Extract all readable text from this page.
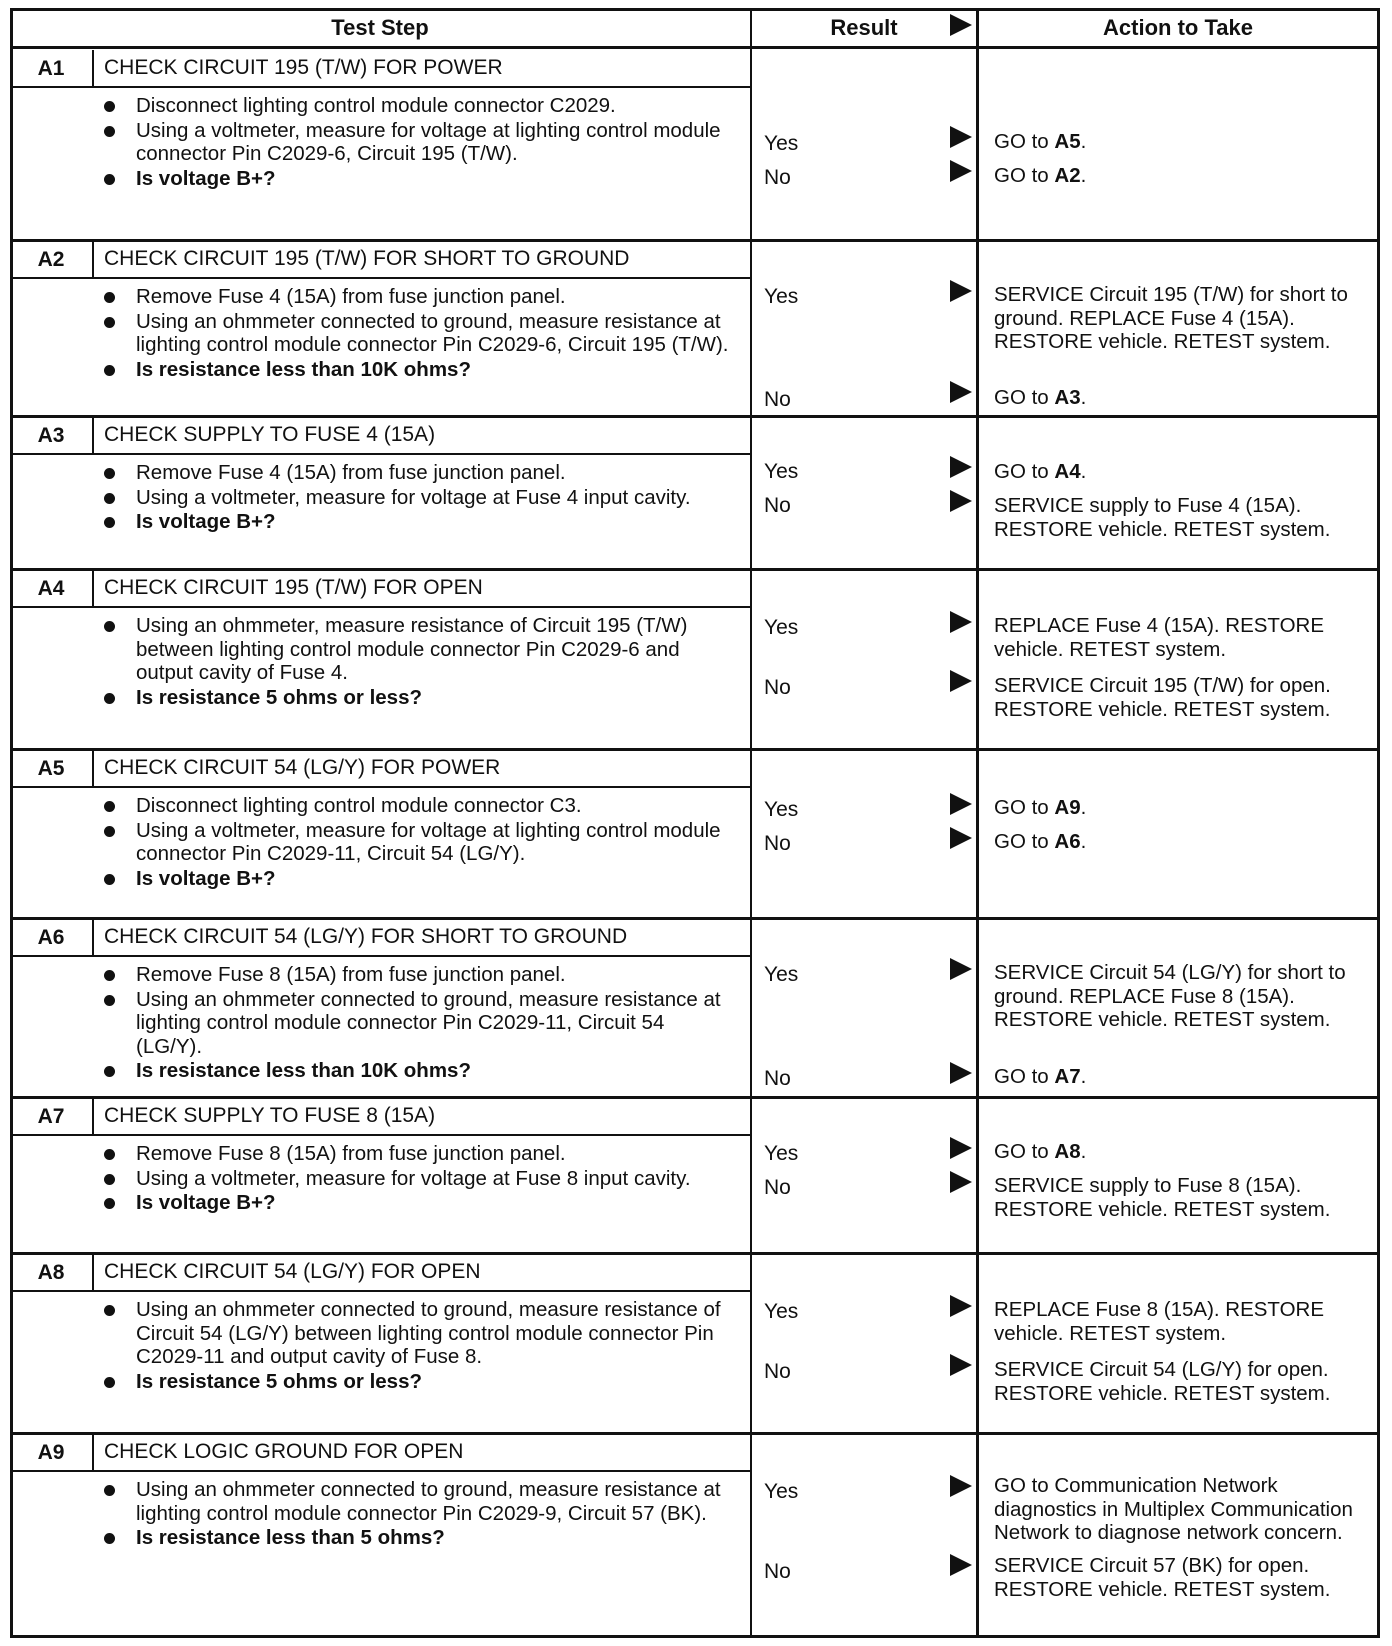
Test Step	Result	Action to Take
A1	CHECK CIRCUIT 195 (T/W) FOR POWER
Disconnect lighting control module connector C2029.
Using a voltmeter, measure for voltage at lighting control module connector Pin C2029-6, Circuit 195 (T/W).
Is voltage B+?
Yes	GO to A5.
No	GO to A2.
A2	CHECK CIRCUIT 195 (T/W) FOR SHORT TO GROUND
Remove Fuse 4 (15A) from fuse junction panel.
Using an ohmmeter connected to ground, measure resistance at lighting control module connector Pin C2029-6, Circuit 195 (T/W).
Is resistance less than 10K ohms?
Yes	SERVICE Circuit 195 (T/W) for short to ground. REPLACE Fuse 4 (15A). RESTORE vehicle. RETEST system.
No	GO to A3.
A3	CHECK SUPPLY TO FUSE 4 (15A)
Remove Fuse 4 (15A) from fuse junction panel.
Using a voltmeter, measure for voltage at Fuse 4 input cavity.
Is voltage B+?
Yes	GO to A4.
No	SERVICE supply to Fuse 4 (15A). RESTORE vehicle. RETEST system.
A4	CHECK CIRCUIT 195 (T/W) FOR OPEN
Using an ohmmeter, measure resistance of Circuit 195 (T/W) between lighting control module connector Pin C2029-6 and output cavity of Fuse 4.
Is resistance 5 ohms or less?
Yes	REPLACE Fuse 4 (15A). RESTORE vehicle. RETEST system.
No	SERVICE Circuit 195 (T/W) for open. RESTORE vehicle. RETEST system.
A5	CHECK CIRCUIT 54 (LG/Y) FOR POWER
Disconnect lighting control module connector C3.
Using a voltmeter, measure for voltage at lighting control module connector Pin C2029-11, Circuit 54 (LG/Y).
Is voltage B+?
Yes	GO to A9.
No	GO to A6.
A6	CHECK CIRCUIT 54 (LG/Y) FOR SHORT TO GROUND
Remove Fuse 8 (15A) from fuse junction panel.
Using an ohmmeter connected to ground, measure resistance at lighting control module connector Pin C2029-11, Circuit 54 (LG/Y).
Is resistance less than 10K ohms?
Yes	SERVICE Circuit 54 (LG/Y) for short to ground. REPLACE Fuse 8 (15A). RESTORE vehicle. RETEST system.
No	GO to A7.
A7	CHECK SUPPLY TO FUSE 8 (15A)
Remove Fuse 8 (15A) from fuse junction panel.
Using a voltmeter, measure for voltage at Fuse 8 input cavity.
Is voltage B+?
Yes	GO to A8.
No	SERVICE supply to Fuse 8 (15A). RESTORE vehicle. RETEST system.
A8	CHECK CIRCUIT 54 (LG/Y) FOR OPEN
Using an ohmmeter connected to ground, measure resistance of Circuit 54 (LG/Y) between lighting control module connector Pin C2029-11 and output cavity of Fuse 8.
Is resistance 5 ohms or less?
Yes	REPLACE Fuse 8 (15A). RESTORE vehicle. RETEST system.
No	SERVICE Circuit 54 (LG/Y) for open. RESTORE vehicle. RETEST system.
A9	CHECK LOGIC GROUND FOR OPEN
Using an ohmmeter connected to ground, measure resistance at lighting control module connector Pin C2029-9, Circuit 57 (BK).
Is resistance less than 5 ohms?
Yes	GO to Communication Network diagnostics in Multiplex Communication Network to diagnose network concern.
No	SERVICE Circuit 57 (BK) for open. RESTORE vehicle. RETEST system.
